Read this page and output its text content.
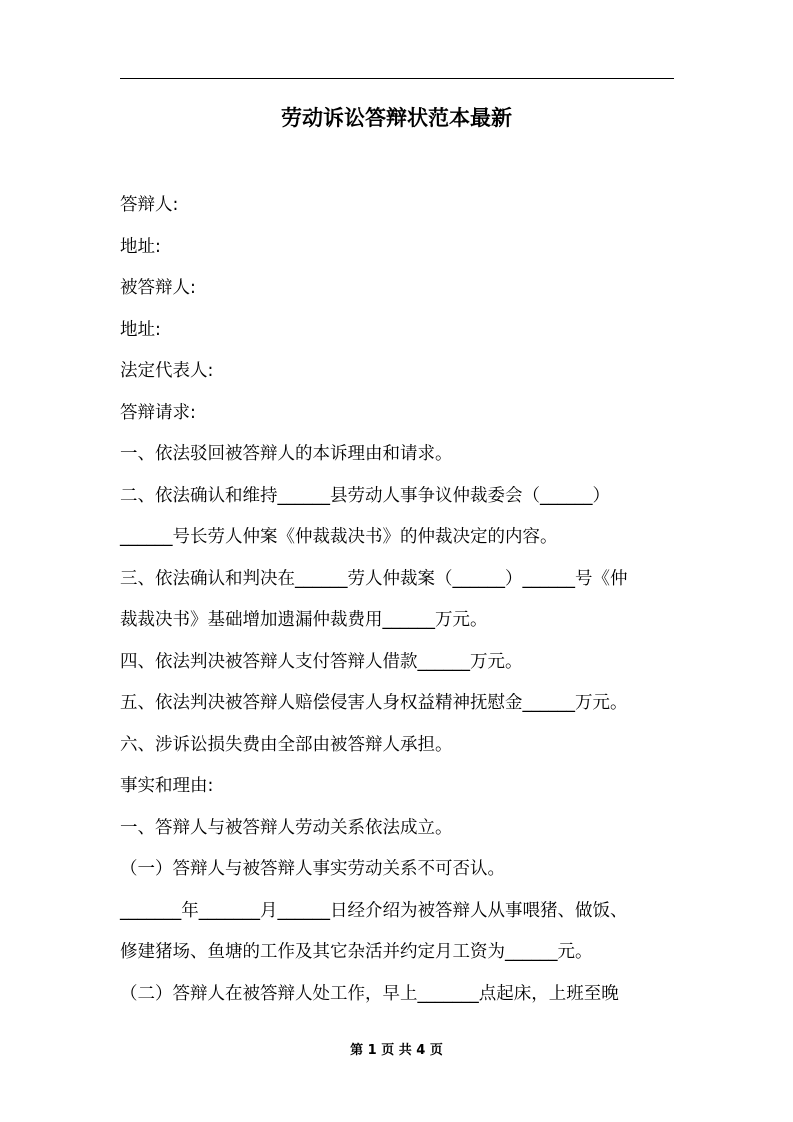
劳动诉讼答辩状范本最新
答辩人:
地址:
被答辩人:
地址:
法定代表人:
答辩请求:
一、依法驳回被答辩人的本诉理由和请求。
二、依法确认和维持______县劳动人事争议仲裁委会（______）
______号长劳人仲案《仲裁裁决书》的仲裁决定的内容。
三、依法确认和判决在______劳人仲裁案（______）______号《仲
裁裁决书》基础增加遗漏仲裁费用______万元。
四、依法判决被答辩人支付答辩人借款______万元。
五、依法判决被答辩人赔偿侵害人身权益精神抚慰金______万元。
六、涉诉讼损失费由全部由被答辩人承担。
事实和理由:
一、答辩人与被答辩人劳动关系依法成立。
（一）答辩人与被答辩人事实劳动关系不可否认。
_______年_______月______日经介绍为被答辩人从事喂猪、做饭、
修建猪场、鱼塘的工作及其它杂活并约定月工资为______元。
（二）答辩人在被答辩人处工作，早上_______点起床，上班至晚
第 1 页 共 4 页
